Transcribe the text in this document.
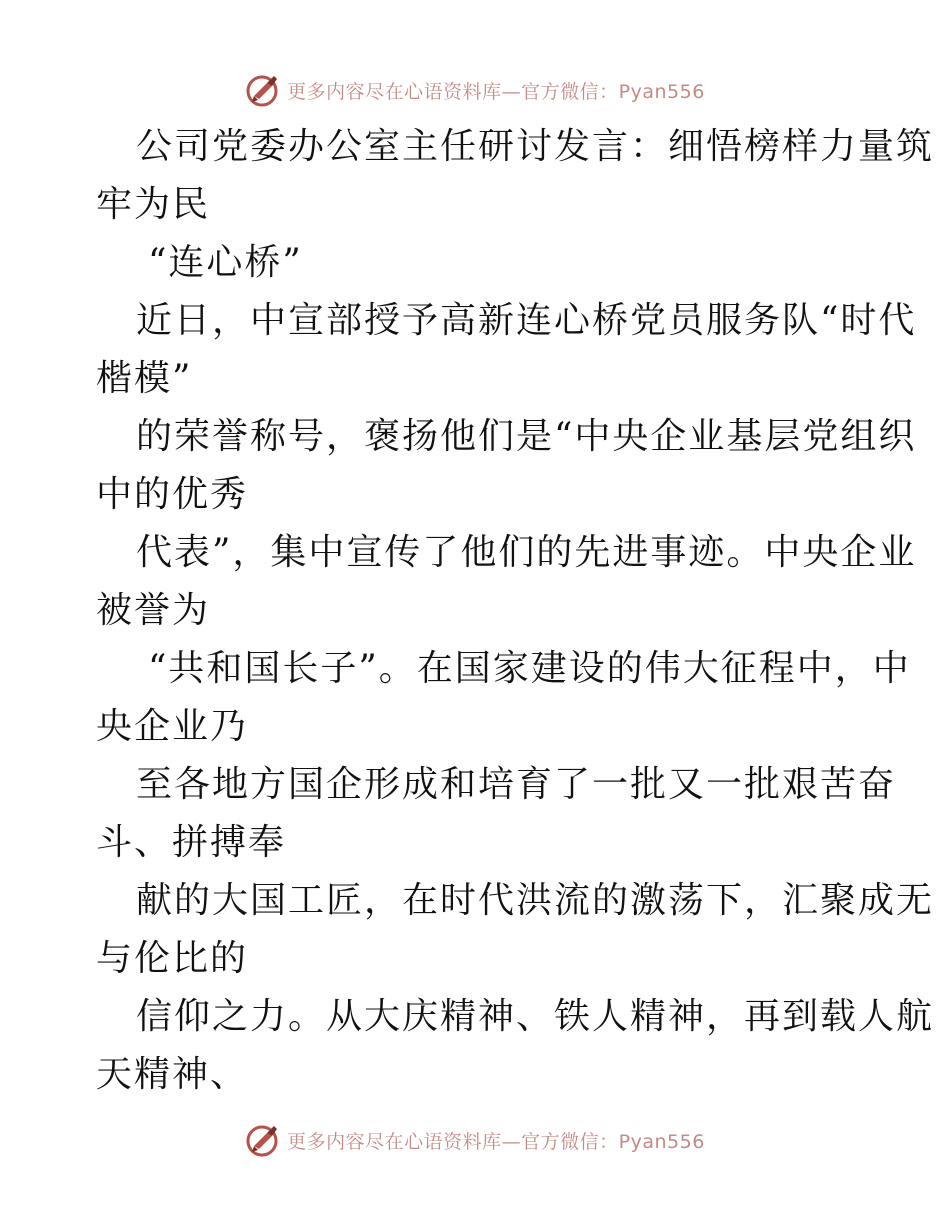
更多内容尽在心语资料库—官方微信：Pyan556
公司党委办公室主任研讨发言：细悟榜样力量筑
牢为民
“连心桥”
近日，中宣部授予高新连心桥党员服务队“时代
楷模”
的荣誉称号，褒扬他们是“中央企业基层党组织
中的优秀
代表”，集中宣传了他们的先进事迹。中央企业
被誉为
“共和国长子”。在国家建设的伟大征程中，中
央企业乃
至各地方国企形成和培育了一批又一批艰苦奋
斗、拼搏奉
献的大国工匠，在时代洪流的激荡下，汇聚成无
与伦比的
信仰之力。从大庆精神、铁人精神，再到载人航
天精神、
更多内容尽在心语资料库—官方微信：Pyan556
